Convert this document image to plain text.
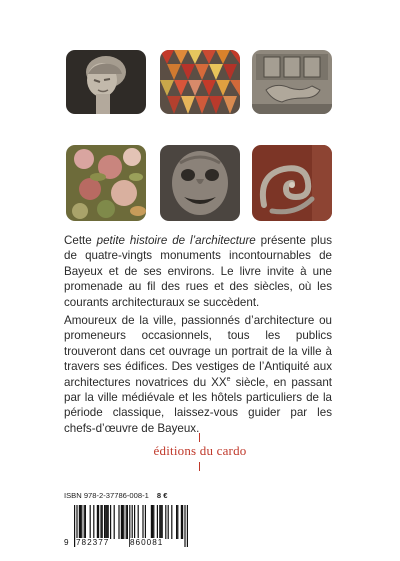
Cette petite histoire de l’architecture présente plus de quatre-vingts monuments incontournables de Bayeux et de ses environs. Le livre invite à une promenade au fil des rues et des siècles, où les courants architecturaux se succèdent.

Amoureux de la ville, passionnés d’architecture ou promeneurs occasionnels, tous les publics trouveront dans cet ouvrage un portrait de la ville à travers ses édifices. Des vestiges de l’Antiquité aux architectures novatrices du XXe siècle, en passant par la ville médiévale et les hôtels particuliers de la période classique, laissez-vous guider par les chefs-d’œuvre de Bayeux.

éditions du cardo
ISBN 978-2-37786-008-1 8 €
9 782377	860081
